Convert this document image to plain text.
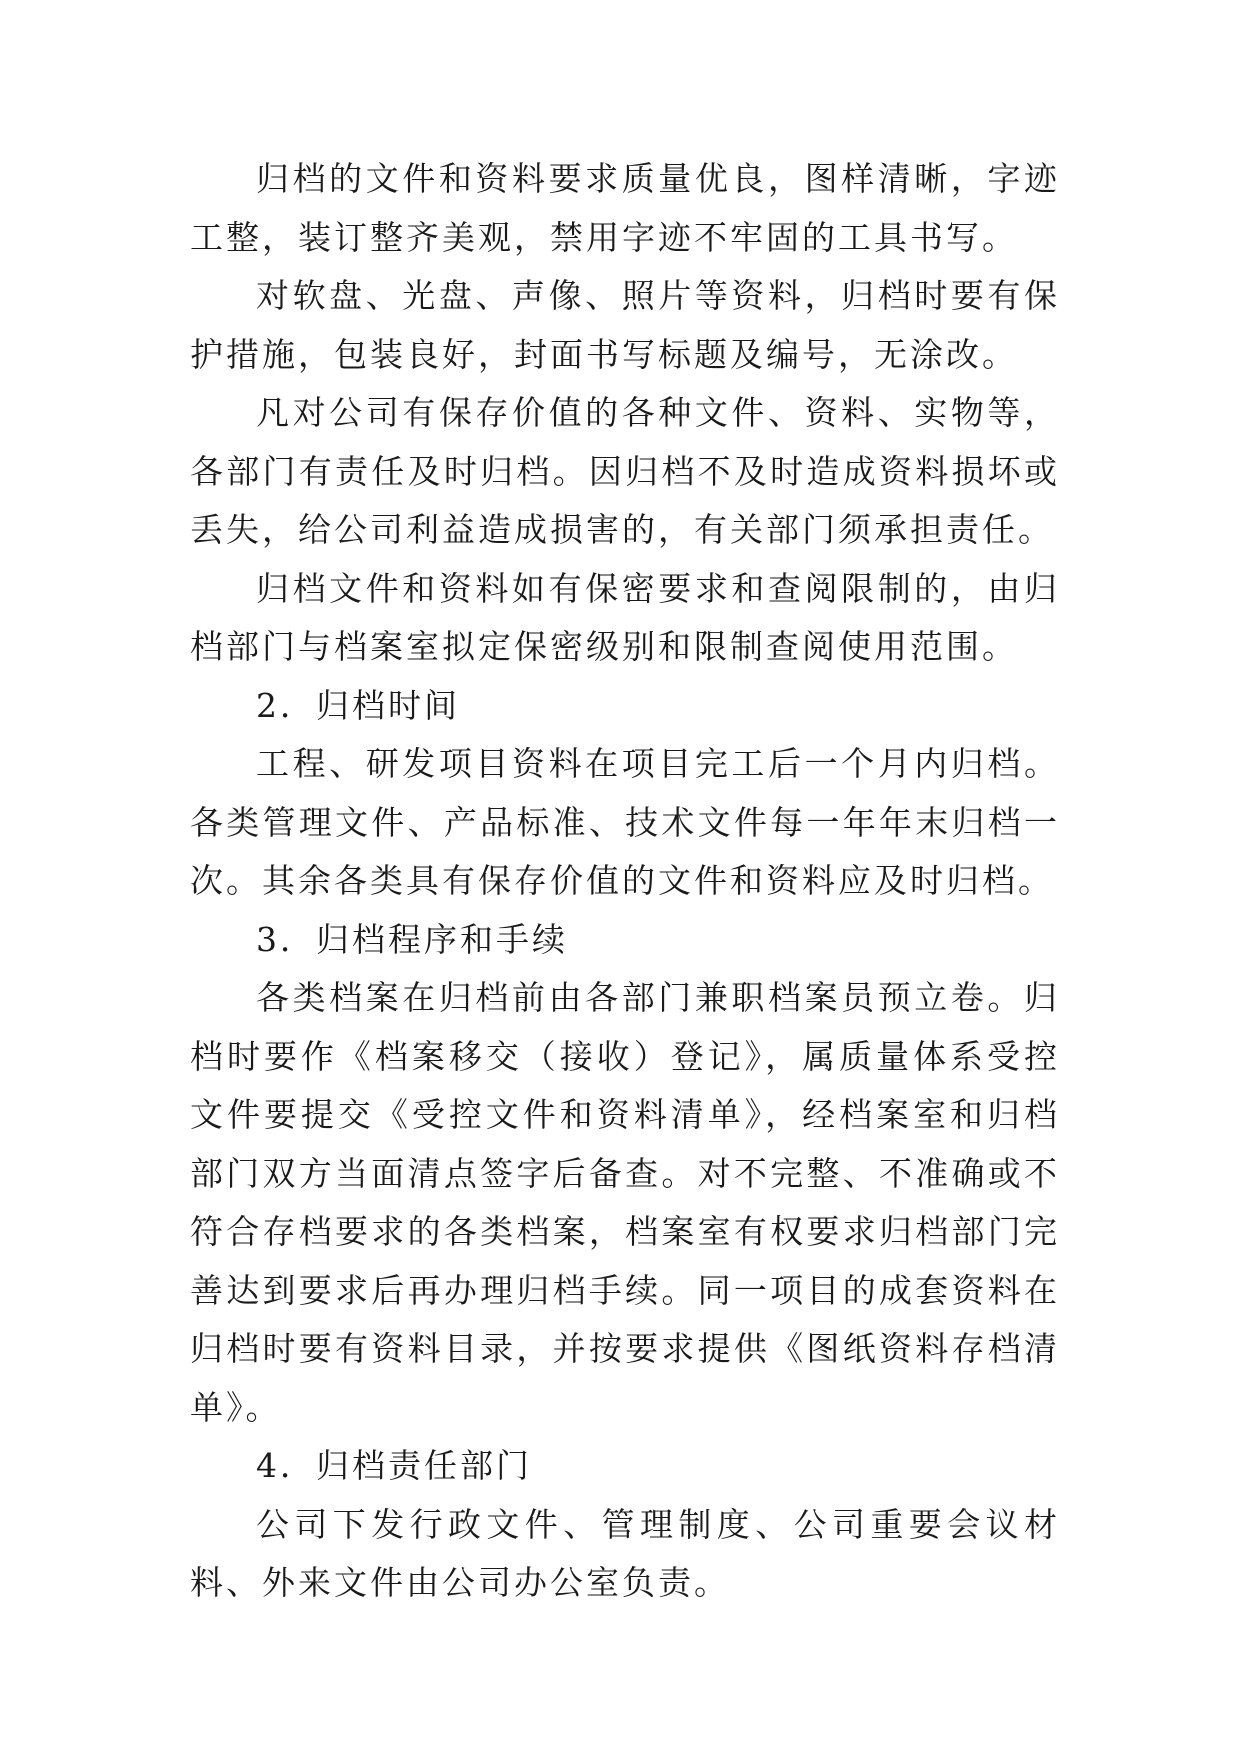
归档的文件和资料要求质量优良，图样清晰，字迹工整，装订整齐美观，禁用字迹不牢固的工具书写。

对软盘、光盘、声像、照片等资料，归档时要有保护措施，包装良好，封面书写标题及编号，无涂改。

凡对公司有保存价值的各种文件、资料、实物等，各部门有责任及时归档。因归档不及时造成资料损坏或丢失，给公司利益造成损害的，有关部门须承担责任。

归档文件和资料如有保密要求和查阅限制的，由归档部门与档案室拟定保密级别和限制查阅使用范围。

2．归档时间

工程、研发项目资料在项目完工后一个月内归档。各类管理文件、产品标准、技术文件每一年年末归档一次。其余各类具有保存价值的文件和资料应及时归档。

3．归档程序和手续

各类档案在归档前由各部门兼职档案员预立卷。归档时要作《档案移交（接收）登记》，属质量体系受控文件要提交《受控文件和资料清单》，经档案室和归档部门双方当面清点签字后备查。对不完整、不准确或不符合存档要求的各类档案，档案室有权要求归档部门完善达到要求后再办理归档手续。同一项目的成套资料在归档时要有资料目录，并按要求提供《图纸资料存档清单》。

4．归档责任部门

公司下发行政文件、管理制度、公司重要会议材料、外来文件由公司办公室负责。
